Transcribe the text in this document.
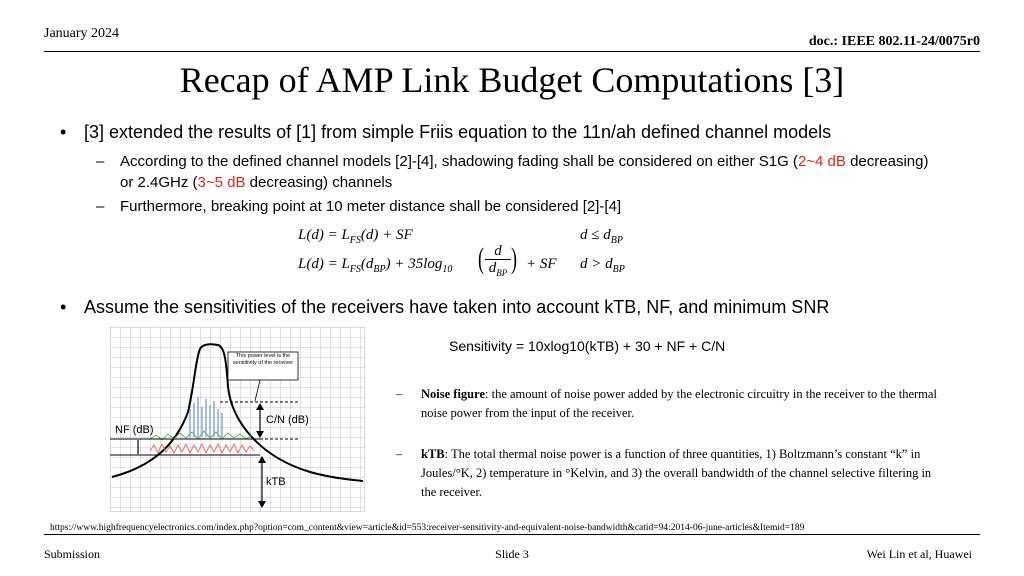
January 2024
doc.: IEEE 802.11-24/0075r0
Recap of AMP Link Budget Computations [3]
• [3] extended the results of [1] from simple Friis equation to the 11n/ah defined channel models
– According to the defined channel models [2]-[4], shadowing fading shall be considered on either S1G (2~4 dB decreasing) or 2.4GHz (3~5 dB decreasing) channels
– Furthermore, breaking point at 10 meter distance shall be considered [2]-[4]
$L(d) = L_{FS}(d)$ + SF	$d \le d_{BP}$
$L(d) = L_{FS}(d_{BP}) + 35\log_{10}$ ( d
$d_{BP}$ ) + SF $d > d_{BP}$
• Assume the sensitivities of the receivers have taken into account kTB, NF, and minimum SNR
Sensitivity = 10xlog10(kTB) + 30 + NF + C/N
This power level is the sensitivity of the receiver
C/N (dB)
NF (dB)
kTB
– Noise figure: the amount of noise power added by the electronic circuitry in the receiver to the thermal noise power from the input of the receiver.
– kTB: The total thermal noise power is a function of three quantities, 1) Boltzmann’s constant “k” in Joules/°K, 2) temperature in °Kelvin, and 3) the overall bandwidth of the channel selective filtering in the receiver.
https://www.highfrequencyelectronics.com/index.php?option=com_content&view=article&id=553:receiver-sensitivity-and-equivalent-noise-bandwidth&catid=94:2014-06-june-articles&Itemid=189
Submission	Slide 3	Wei Lin et al, Huawei
